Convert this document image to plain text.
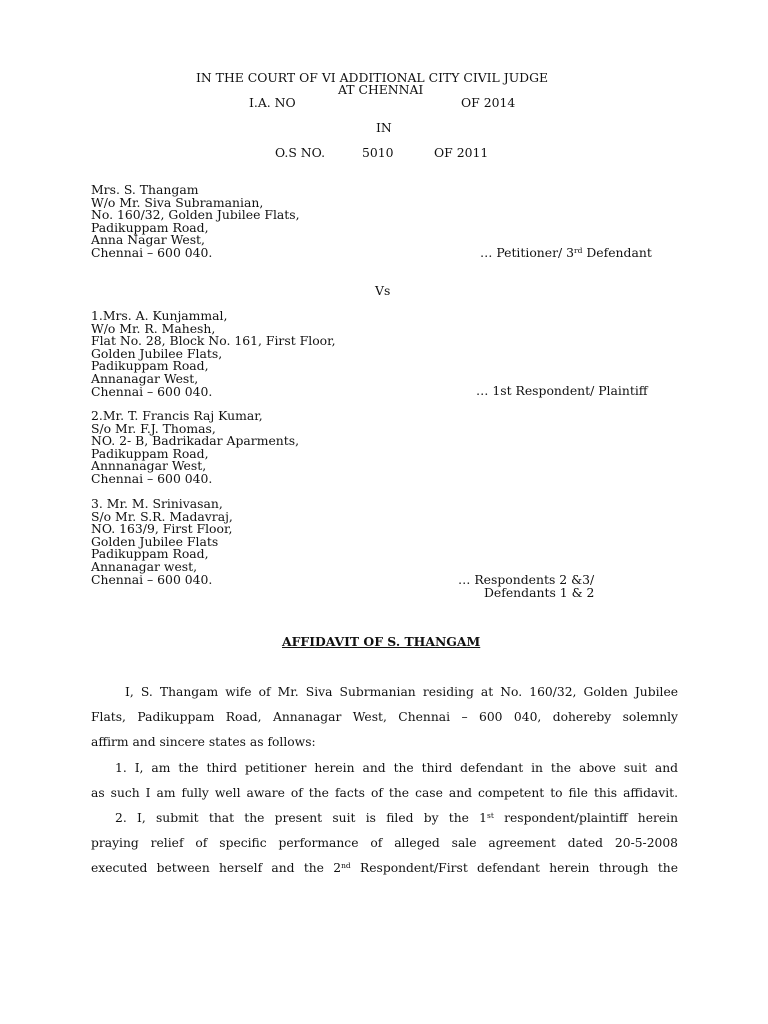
IN THE COURT OF VI ADDITIONAL CITY CIVIL JUDGE
AT CHENNAI
I.A. NO	OF 2014
IN
O.S NO.	5010	OF 2011
Mrs. S. Thangam
W/o Mr. Siva Subramanian,
No. 160/32, Golden Jubilee Flats,
Padikuppam Road,
Anna Nagar West,
Chennai – 600 040.	… Petitioner/ 3rd Defendant
Vs
1.Mrs. A. Kunjammal,
W/o Mr. R. Mahesh,
Flat No. 28, Block No. 161, First Floor,
Golden Jubilee Flats,
Padikuppam Road,
Annanagar West,
Chennai – 600 040.	… 1st Respondent/ Plaintiff
2.Mr. T. Francis Raj Kumar,
S/o Mr. F.J. Thomas,
NO. 2- B, Badrikadar Aparments,
Padikuppam Road,
Annnanagar West,
Chennai – 600 040.
3. Mr. M. Srinivasan,
S/o Mr. S.R. Madavraj,
NO. 163/9, First Floor,
Golden Jubilee Flats
Padikuppam Road,
Annanagar west,
Chennai – 600 040.	… Respondents 2 &3/
Defendants 1 & 2
AFFIDAVIT OF S. THANGAM
I, S. Thangam wife of Mr. Siva Subrmanian residing at No. 160/32, Golden Jubilee
Flats, Padikuppam Road, Annanagar West, Chennai – 600 040, dohereby solemnly
affirm and sincere states as follows:
1. I, am the third petitioner herein and the third defendant in the above suit and
as such I am fully well aware of the facts of the case and competent to file this affidavit.
2. I, submit that the present suit is filed by the 1st respondent/plaintiff herein
praying relief of specific performance of alleged sale agreement dated 20-5-2008
executed between herself and the 2nd Respondent/First defendant herein through the
